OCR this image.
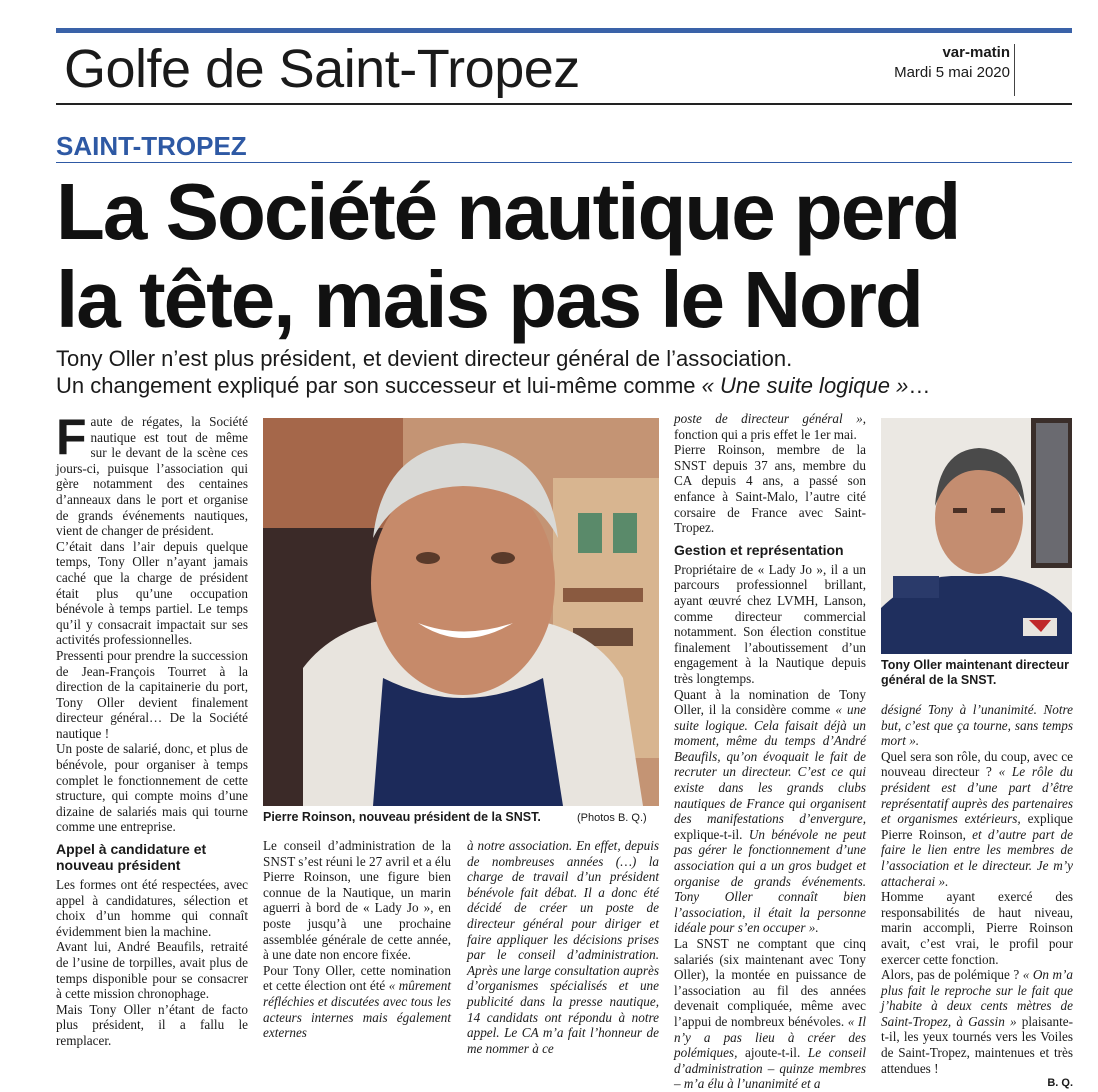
Golfe de Saint-Tropez	var-matin
Mardi 5 mai 2020
SAINT-TROPEZ
La Société nautique perd
la tête, mais pas le Nord
Tony Oller n’est plus président, et devient directeur général de l’association.
Un changement expliqué par son successeur et lui-même comme « Une suite logique »…

Faute de régates, la Société nautique est tout de même sur le devant de la scène ces jours-ci, puisque l’association qui gère notamment des centaines d’anneaux dans le port et organise de grands événements nautiques, vient de changer de président.

C’était dans l’air depuis quelque temps, Tony Oller n’ayant jamais caché que la charge de président était plus qu’une occupation bénévole à temps partiel. Le temps qu’il y consacrait impactait sur ses activités professionnelles.

Pressenti pour prendre la succession de Jean-François Tourret à la direction de la capitainerie du port, Tony Oller devient finalement directeur général… De la Société nautique !

Un poste de salarié, donc, et plus de bénévole, pour organiser à temps complet le fonctionnement de cette structure, qui compte moins d’une dizaine de salariés mais qui tourne comme une entreprise.

Appel à candidature et nouveau président

Les formes ont été respectées, avec appel à candidatures, sélection et choix d’un homme qui connaît évidemment bien la machine.

Avant lui, André Beaufils, retraité de l’usine de torpilles, avait plus de temps disponible pour se consacrer à cette mission chronophage.

Mais Tony Oller n’étant de facto plus président, il a fallu le remplacer.

Pierre Roinson, nouveau président de la SNST.	(Photos B. Q.)

Le conseil d’administration de la SNST s’est réuni le 27 avril et a élu Pierre Roinson, une figure bien connue de la Nautique, un marin aguerri à bord de « Lady Jo », en poste jusqu’à une prochaine assemblée générale de cette année, à une date non encore fixée.

Pour Tony Oller, cette nomination et cette élection ont été « mûrement réfléchies et discutées avec tous les acteurs internes mais également externes

à notre association. En effet, depuis de nombreuses années (…) la charge de travail d’un président bénévole fait débat. Il a donc été décidé de créer un poste de directeur général pour diriger et faire appliquer les décisions prises par le conseil d’administration. Après une large consultation auprès d’organismes spécialisés et une publicité dans la presse nautique, 14 candidats ont répondu à notre appel. Le CA m’a fait l’honneur de me nommer à ce

poste de directeur général », fonction qui a pris effet le 1er mai.

Pierre Roinson, membre de la SNST depuis 37 ans, membre du CA depuis 4 ans, a passé son enfance à Saint-Malo, l’autre cité corsaire de France avec Saint-Tropez.

Gestion et représentation

Propriétaire de « Lady Jo », il a un parcours professionnel brillant, ayant œuvré chez LVMH, Lanson, comme directeur commercial notamment. Son élection constitue finalement l’aboutissement d’un engagement à la Nautique depuis très longtemps.

Quant à la nomination de Tony Oller, il la considère comme « une suite logique. Cela faisait déjà un moment, même du temps d’André Beaufils, qu’on évoquait le fait de recruter un directeur. C’est ce qui existe dans les grands clubs nautiques de France qui organisent des manifestations d’envergure, explique-t-il. Un bénévole ne peut pas gérer le fonctionnement d’une association qui a un gros budget et organise de grands événements. Tony Oller connaît bien l’association, il était la personne idéale pour s’en occuper ».

La SNST ne comptant que cinq salariés (six maintenant avec Tony Oller), la montée en puissance de l’association au fil des années devenait compliquée, même avec l’appui de nombreux bénévoles. « Il n’y a pas lieu à créer des polémiques, ajoute-t-il. Le conseil d’administration – quinze membres – m’a élu à l’unanimité et a

Tony Oller maintenant directeur général de la SNST.

désigné Tony à l’unanimité. Notre but, c’est que ça tourne, sans temps mort ».

Quel sera son rôle, du coup, avec ce nouveau directeur ? « Le rôle du président est d’une part d’être représentatif auprès des partenaires et organismes extérieurs, explique Pierre Roinson, et d’autre part de faire le lien entre les membres de l’association et le directeur. Je m’y attacherai ».

Homme ayant exercé des responsabilités de haut niveau, marin accompli, Pierre Roinson avait, c’est vrai, le profil pour exercer cette fonction.

Alors, pas de polémique ? « On m’a plus fait le reproche sur le fait que j’habite à deux cents mètres de Saint-Tropez, à Gassin » plaisante-t-il, les yeux tournés vers les Voiles de Saint-Tropez, maintenues et très attendues !

B. Q.
